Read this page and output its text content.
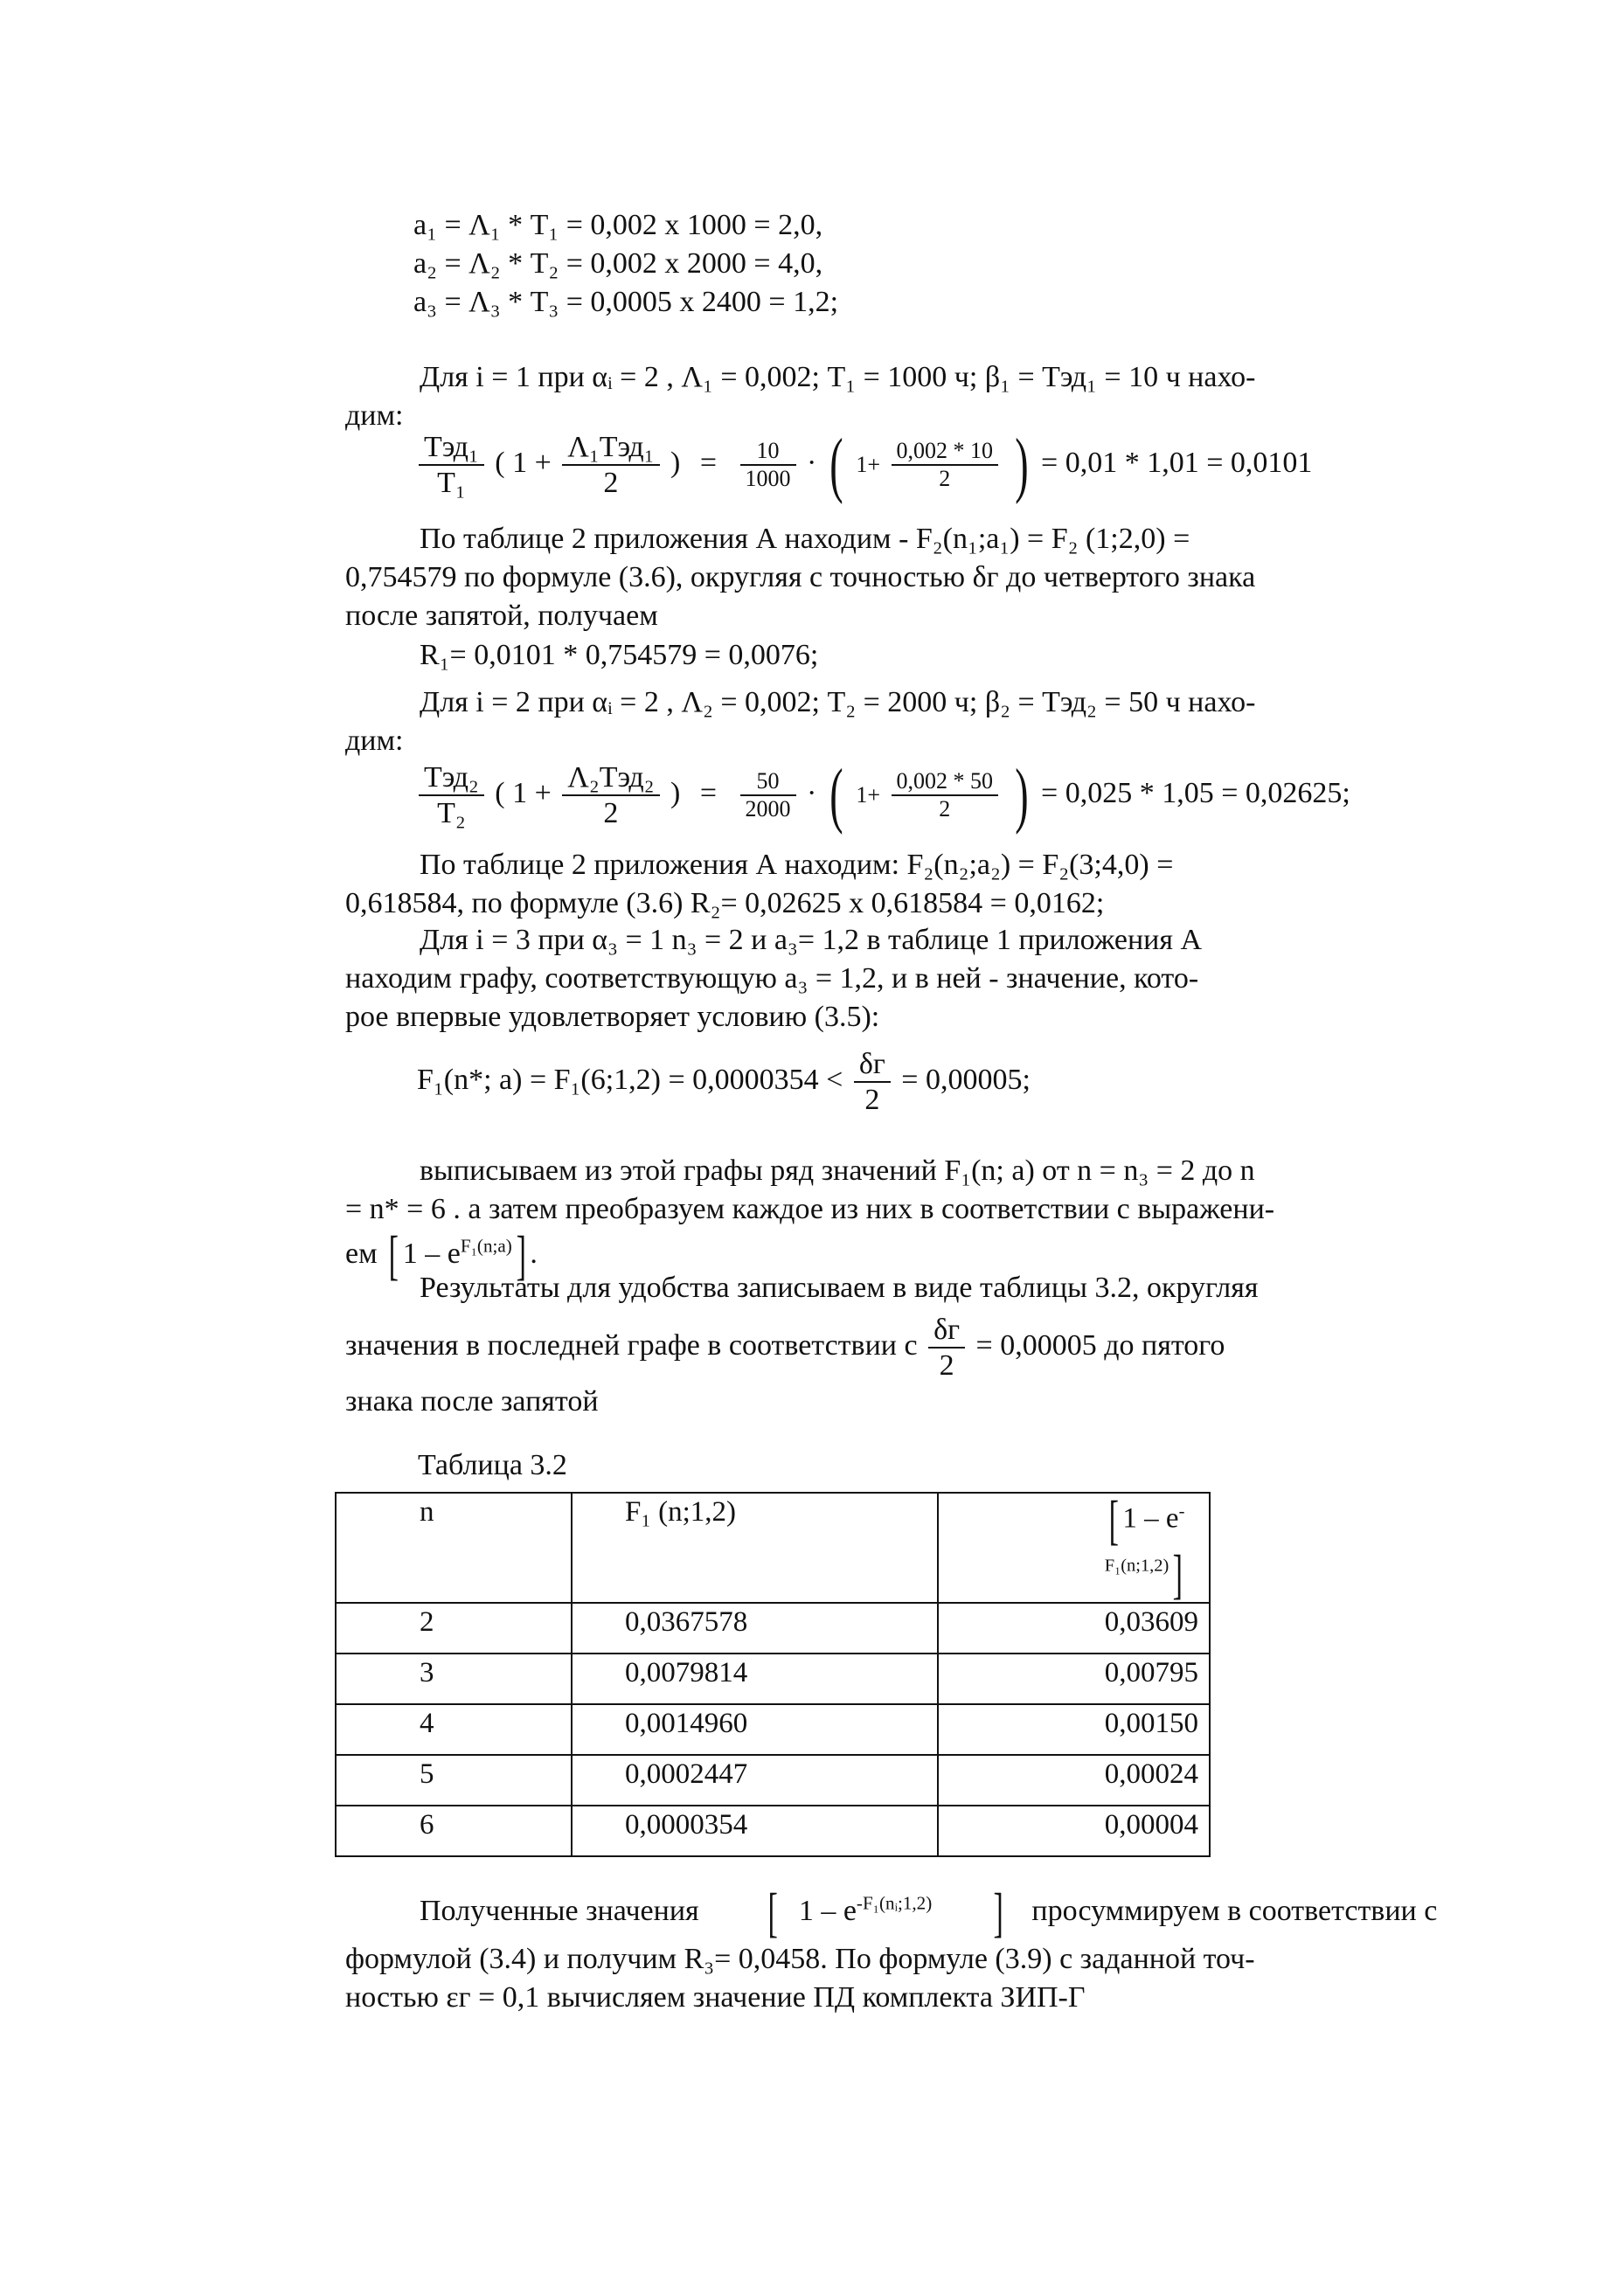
a₁ = Λ₁ * T₁ = 0,002 x 1000 = 2,0,
a₂ = Λ₂ * T₂ = 0,002 x 2000 = 4,0,
a₃ = Λ₃ * T₃ = 0,0005 x 2400 = 1,2;
Для i = 1 при αᵢ = 2 , Λ₁ = 0,002; T₁ = 1000 ч; β₁ = Tэд₁ = 10 ч нахо-
дим:
$\frac{\text{Tэд₁}}{\text{T₁}}$ ( $1 + \frac{\text{Λ₁Tэд₁}}{2}$ ) = $\frac{10}{1000}$ · ( $1+ \frac{0,002 * 10}{2}$ ) = 0,01 * 1,01 = 0,0101
По таблице 2 приложения А находим - F₂(n₁;a₁) = F₂ (1;2,0) =
0,754579 по формуле (3.6), округляя с точностью δг до четвертого знака
после запятой, получаем
R₁= 0,0101 * 0,754579 = 0,0076;
Для i = 2 при αᵢ = 2 , Λ₂ = 0,002; T₂ = 2000 ч; β₂ = Tэд₂ = 50 ч нахо-
дим:
$\frac{\text{Tэд₂}}{\text{T₂}}$ ( $1 + \frac{\text{Λ₂Tэд₂}}{2}$ ) = $\frac{50}{2000}$ · ( $1+ \frac{0,002 * 50}{2}$ ) = 0,025 * 1,05 = 0,02625;
По таблице 2 приложения А находим: F₂(n₂;a₂) = F₂(3;4,0) =
0,618584, по формуле (3.6) R₂= 0,02625 x 0,618584 = 0,0162;
Для i = 3 при α₃ = 1 n₃ = 2 и a₃= 1,2 в таблице 1 приложения А
находим графу, соответствующую a₃ = 1,2, и в ней - значение, кото-
рое впервые удовлетворяет условию (3.5):
F₁(n*; a) = F₁(6;1,2) = $0,0000354 < \frac{\delta г}{2} = 0,00005$;
выписываем из этой графы ряд значений F₁(n; a) от n = n₃ = 2 до n
= n* = 6 . а затем преобразуем каждое из них в соответствии с выражени-
ем [ $1 - e^{F_1(n;a)}$] .
Результаты для удобства записываем в виде таблицы 3.2, округляя
значения в последней графе в соответствии с $\frac{\delta г}{2} = 0,00005$ до пятого
знака после запятой
Таблица 3.2
n	F₁ (n;1,2)	[ $1 - e^{-F_1(n;1,2)}$]
2	0,0367578	0,03609
3	0,0079814	0,00795
4	0,0014960	0,00150
5	0,0002447	0,00024
6	0,0000354	0,00004
Полученные значения [ $1 - e^{-F_1(nᵢ;1,2)}$ ] просуммируем в соответствии с
формулой (3.4) и получим R₃= 0,0458. По формуле (3.9) с заданной точ-
ностью εг = 0,1 вычисляем значение ПД комплекта ЗИП-Г
